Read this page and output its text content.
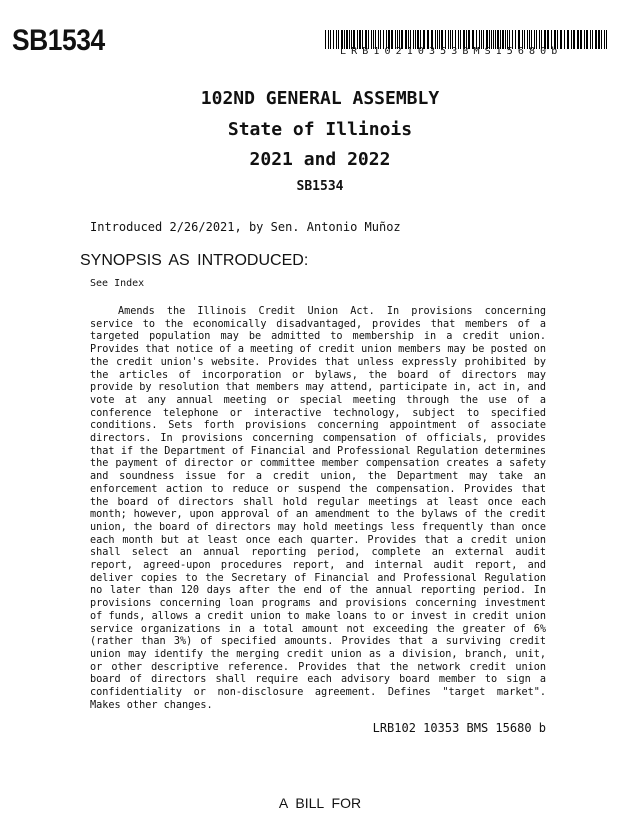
SB1534	LRB10210353BMS15680b
102ND GENERAL ASSEMBLY
State of Illinois
2021 and 2022
SB1534
Introduced 2/26/2021, by Sen. Antonio Muñoz
SYNOPSIS AS INTRODUCED:
See Index

Amends the Illinois Credit Union Act. In provisions concerning service to the economically disadvantaged, provides that members of a targeted population may be admitted to membership in a credit union. Provides that notice of a meeting of credit union members may be posted on the credit union's website. Provides that unless expressly prohibited by the articles of incorporation or bylaws, the board of directors may provide by resolution that members may attend, participate in, act in, and vote at any annual meeting or special meeting through the use of a conference telephone or interactive technology, subject to specified conditions. Sets forth provisions concerning appointment of associate directors. In provisions concerning compensation of officials, provides that if the Department of Financial and Professional Regulation determines the payment of director or committee member compensation creates a safety and soundness issue for a credit union, the Department may take an enforcement action to reduce or suspend the compensation. Provides that the board of directors shall hold regular meetings at least once each month; however, upon approval of an amendment to the bylaws of the credit union, the board of directors may hold meetings less frequently than once each month but at least once each quarter. Provides that a credit union shall select an annual reporting period, complete an external audit report, agreed-upon procedures report, and internal audit report, and deliver copies to the Secretary of Financial and Professional Regulation no later than 120 days after the end of the annual reporting period. In provisions concerning loan programs and provisions concerning investment of funds, allows a credit union to make loans to or invest in credit union service organizations in a total amount not exceeding the greater of 6% (rather than 3%) of specified amounts. Provides that a surviving credit union may identify the merging credit union as a division, branch, unit, or other descriptive reference. Provides that the network credit union board of directors shall require each advisory board member to sign a confidentiality or non-disclosure agreement. Defines "target market". Makes other changes.

LRB102 10353 BMS 15680 b
A BILL FOR
